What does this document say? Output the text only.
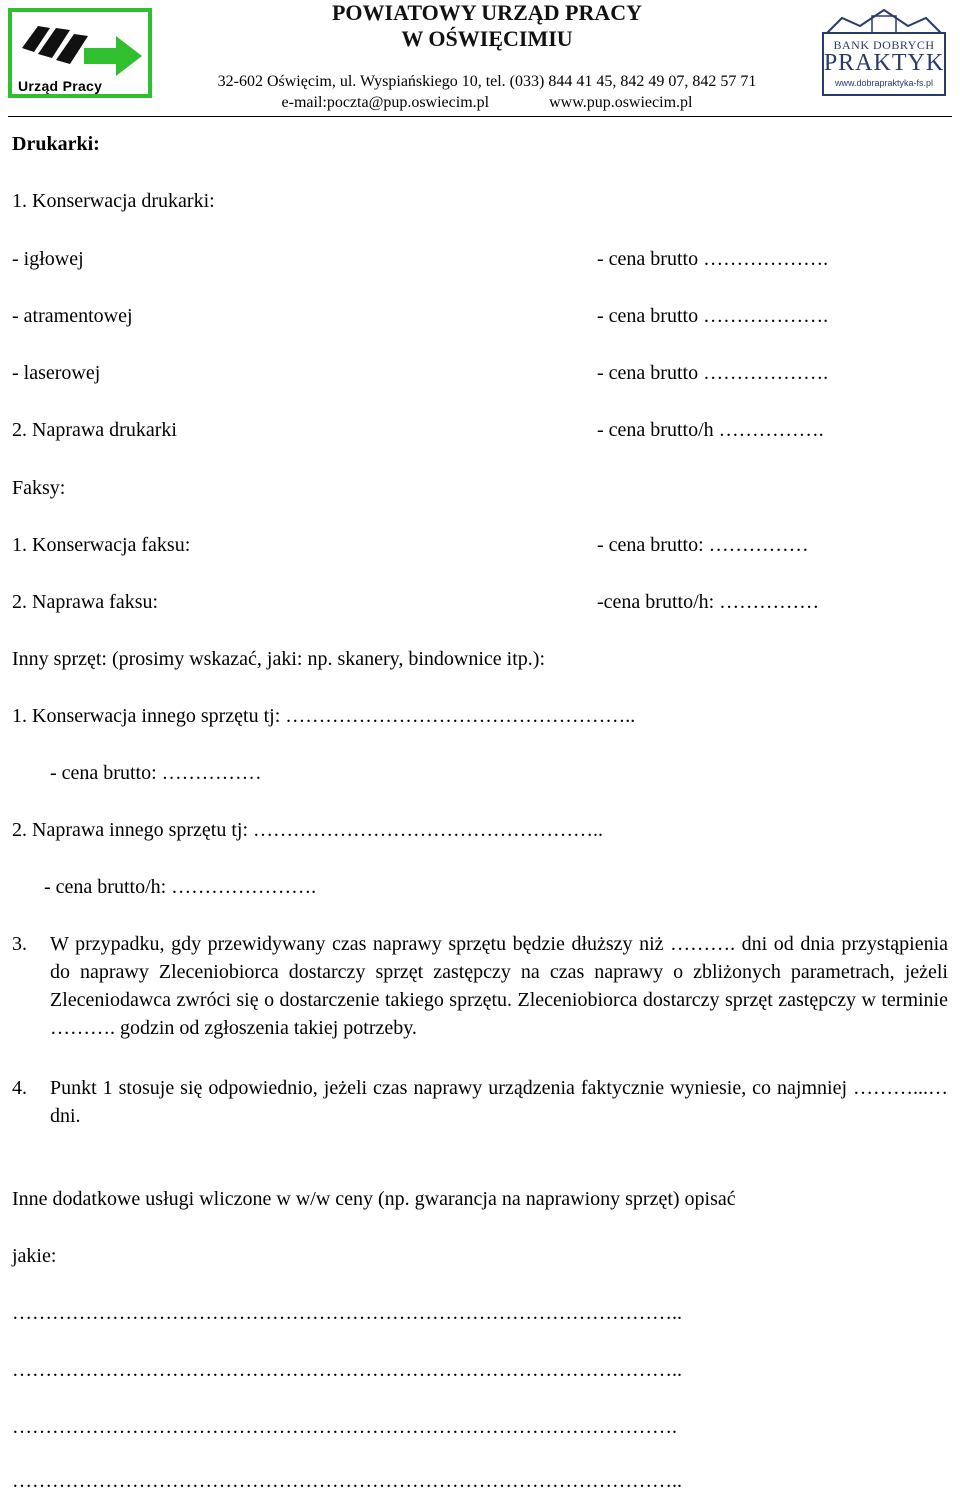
Urząd Pracy
POWIATOWY URZĄD PRACY
W OŚWIĘCIMIU
32-602 Oświęcim, ul. Wyspiańskiego 10, tel. (033) 844 41 45, 842 49 07, 842 57 71
e-mail:poczta@pup.oswiecim.pl	www.pup.oswiecim.pl
BANK DOBRYCH
PRAKTYK
www.dobrapraktyka-fs.pl
Drukarki:
1. Konserwacja drukarki:
- igłowej	- cena brutto ……………….
- atramentowej	- cena brutto ……………….
- laserowej	- cena brutto ……………….
2. Naprawa drukarki	- cena brutto/h …………….
Faksy:
1. Konserwacja faksu:	- cena brutto: ……………
2. Naprawa faksu:	-cena brutto/h: ……………
Inny sprzęt: (prosimy wskazać, jaki: np. skanery, bindownice itp.):
1. Konserwacja innego sprzętu tj: ……………………………………………..
- cena brutto: ……………
2. Naprawa innego sprzętu tj: ……………………………………………..
- cena brutto/h: ………………….
3. W przypadku, gdy przewidywany czas naprawy sprzętu będzie dłuższy niż ………. dni od dnia przystąpienia do naprawy Zleceniobiorca dostarczy sprzęt zastępczy na czas naprawy o zbliżonych parametrach, jeżeli Zleceniodawca zwróci się o dostarczenie takiego sprzętu. Zleceniobiorca dostarczy sprzęt zastępczy w terminie ………. godzin od zgłoszenia takiej potrzeby.
4. Punkt 1 stosuje się odpowiednio, jeżeli czas naprawy urządzenia faktycznie wyniesie, co najmniej ………...… dni.
Inne dodatkowe usługi wliczone w w/w ceny (np. gwarancja na naprawiony sprzęt) opisać
jakie:
………………………………………………………………………………………..
………………………………………………………………………………………..
……………………………………………………………………………………….
………………………………………………………………………………………..
